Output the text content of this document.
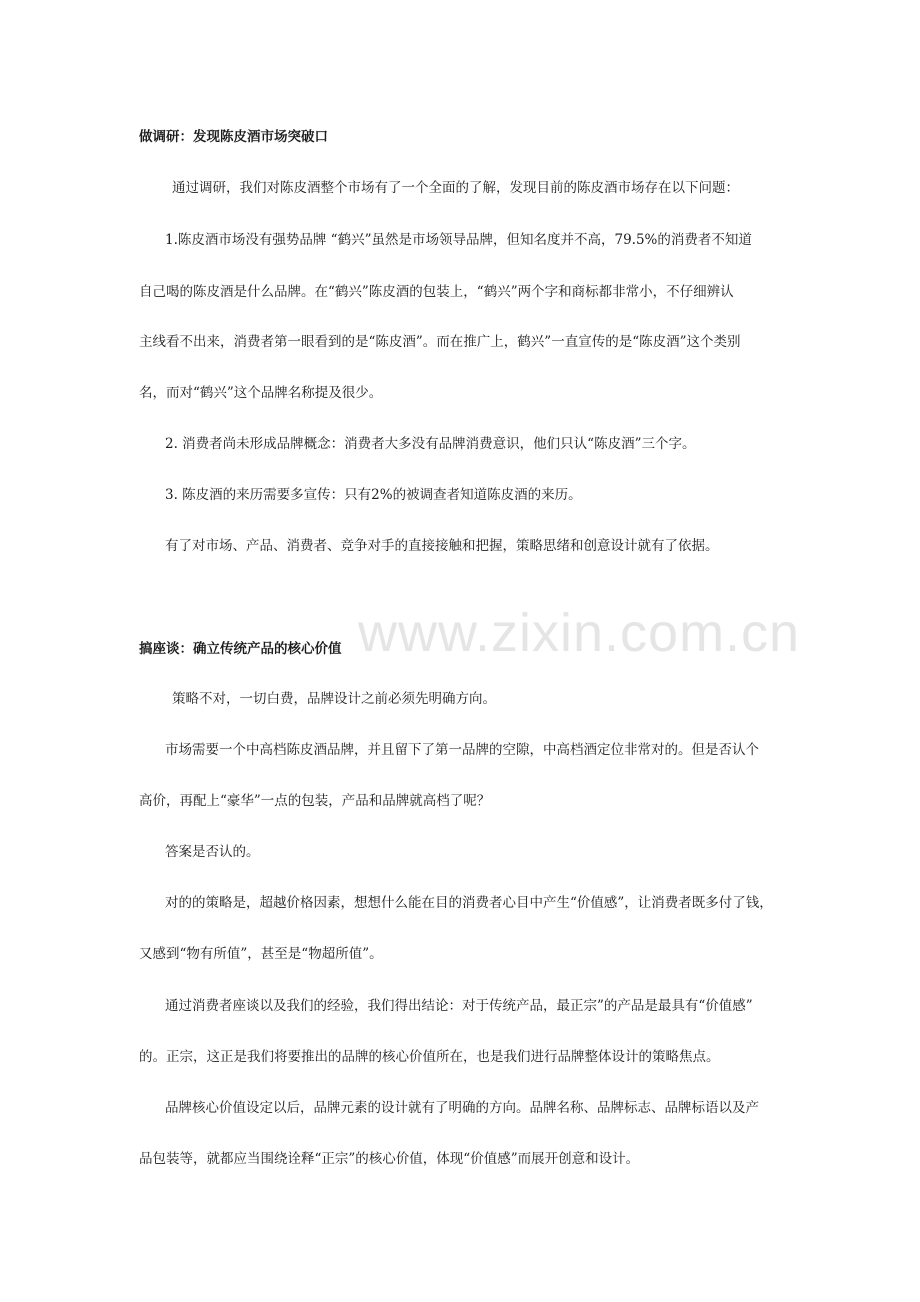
www.zixin.com.cn
做调研：发现陈皮酒市场突破口
通过调研，我们对陈皮酒整个市场有了一个全面的了解，发现目前的陈皮酒市场存在以下问题：
1.陈皮酒市场没有强势品牌 “鹤兴”虽然是市场领导品牌，但知名度并不高，79.5%的消费者不知道
自己喝的陈皮酒是什么品牌。在“鹤兴”陈皮酒的包装上，“鹤兴”两个字和商标都非常小，不仔细辨认
主线看不出来，消费者第一眼看到的是“陈皮酒”。而在推广上，鹤兴”一直宣传的是“陈皮酒”这个类别
名，而对“鹤兴”这个品牌名称提及很少。
2. 消费者尚未形成品牌概念：消费者大多没有品牌消费意识，他们只认“陈皮酒”三个字。
3. 陈皮酒的来历需要多宣传：只有2%的被调查者知道陈皮酒的来历。
有了对市场、产品、消费者、竞争对手的直接接触和把握，策略思绪和创意设计就有了依据。
搞座谈：确立传统产品的核心价值
策略不对，一切白费，品牌设计之前必须先明确方向。
市场需要一个中高档陈皮酒品牌，并且留下了第一品牌的空隙，中高档酒定位非常对的。但是否认个
高价，再配上“豪华”一点的包装，产品和品牌就高档了呢？
答案是否认的。
对的的策略是，超越价格因素，想想什么能在目的消费者心目中产生“价值感”，让消费者既多付了钱，
又感到“物有所值”，甚至是“物超所值”。
通过消费者座谈以及我们的经验，我们得出结论：对于传统产品，最正宗”的产品是最具有“价值感”
的。正宗，这正是我们将要推出的品牌的核心价值所在，也是我们进行品牌整体设计的策略焦点。
品牌核心价值设定以后，品牌元素的设计就有了明确的方向。品牌名称、品牌标志、品牌标语以及产
品包装等，就都应当围绕诠释“正宗”的核心价值，体现“价值感”而展开创意和设计。
